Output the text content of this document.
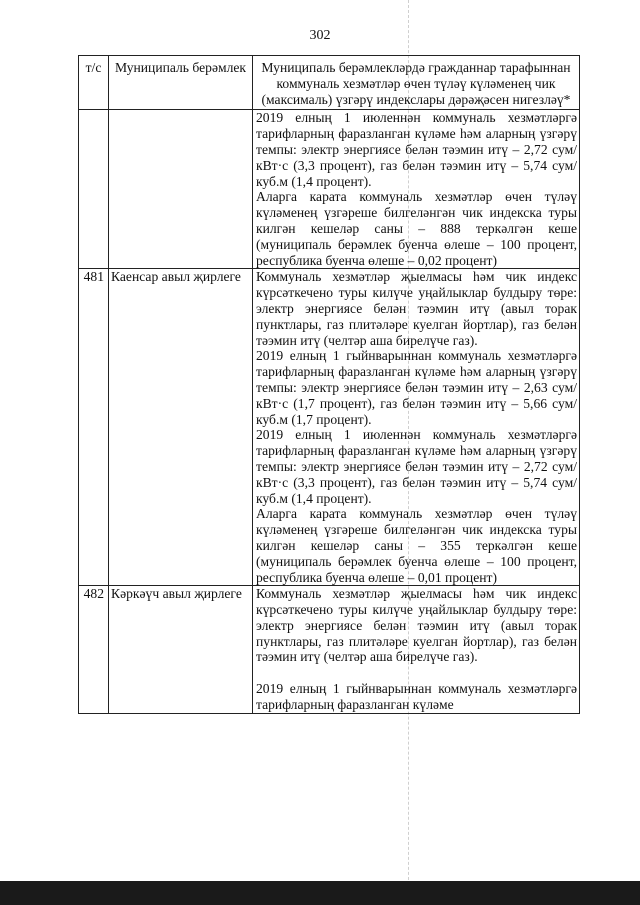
302
т/с	Муниципаль берәмлек	Муниципаль берәмлекләрдә гражданнар тарафыннан коммуналь хезмәтләр өчен түләү күләменең чик (максималь) үзгәрү индекслары дәрәҗәсен нигезләү*

		2019 елның 1 июленнән коммуналь хезмәтләргә тарифларның фаразланган күләме һәм аларның үзгәрү темпы: электр энергиясе белән тәэмин итү – 2,72 сум/кВт·с (3,3 процент), газ белән тәэмин итү – 5,74 сум/куб.м (1,4 процент).

Аларга карата коммуналь хезмәтләр өчен түләү күләменең үзгәреше билгеләнгән чик индекска туры килгән кешеләр саны – 888 теркәлгән кеше (муниципаль берәмлек буенча өлеше – 100 процент, республика буенча өлеше – 0,02 процент)

481	Каенсар авыл җирлеге	Коммуналь хезмәтләр җыелмасы һәм чик индекс күрсәткечено туры килүче уңайлыклар булдыру төре: электр энергиясе белән тәэмин итү (авыл торак пунктлары, газ плитәләре куелган йортлар), газ белән тәэмин итү (челтәр аша бирелүче газ).

2019 елның 1 гыйнварыннан коммуналь хезмәтләргә тарифларның фаразланган күләме һәм аларның үзгәрү темпы: электр энергиясе белән тәэмин итү – 2,63 сум/кВт·с (1,7 процент), газ белән тәэмин итү – 5,66 сум/куб.м (1,7 процент).

2019 елның 1 июленнән коммуналь хезмәтләргә тарифларның фаразланган күләме һәм аларның үзгәрү темпы: электр энергиясе белән тәэмин итү – 2,72 сум/кВт·с (3,3 процент), газ белән тәэмин итү – 5,74 сум/куб.м (1,4 процент).

Аларга карата коммуналь хезмәтләр өчен түләү күләменең үзгәреше билгеләнгән чик индекска туры килгән кешеләр саны – 355 теркәлгән кеше (муниципаль берәмлек буенча өлеше – 100 процент, республика буенча өлеше – 0,01 процент)

482	Кәркәүч авыл җирлеге	Коммуналь хезмәтләр җыелмасы һәм чик индекс күрсәткечено туры килүче уңайлыклар булдыру төре: электр энергиясе белән тәэмин итү (авыл торак пунктлары, газ плитәләре куелган йортлар), газ белән тәэмин итү (челтәр аша бирелүче газ).

2019 елның 1 гыйнварыннан коммуналь хезмәтләргә тарифларның фаразланган күләме
